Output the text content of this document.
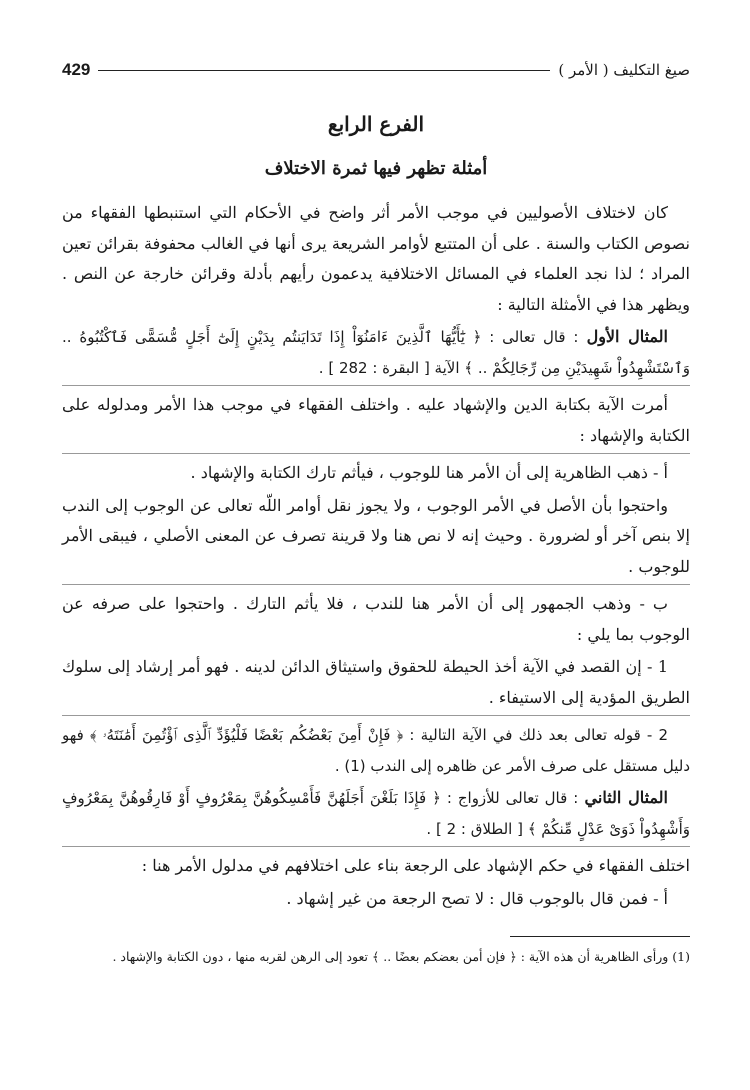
صيغ التكليف ( الأمر )
429
الفرع الرابع
أمثلة تظهر فيها ثمرة الاختلاف

كان لاختلاف الأصوليين في موجب الأمر أثر واضح في الأحكام التي استنبطها الفقهاء من نصوص الكتاب والسنة . على أن المتتبع لأوامر الشريعة يرى أنها في الغالب محفوفة بقرائن تعين المراد ؛ لذا نجد العلماء في المسائل الاختلافية يدعمون رأيهم بأدلة وقرائن خارجة عن النص . ويظهر هذا في الأمثلة التالية :

المثال الأول : قال تعالى : ﴿ يَٰٓأَيُّهَا ٱلَّذِينَ ءَامَنُوٓاْ إِذَا تَدَايَنتُم بِدَيْنٍ إِلَىٰٓ أَجَلٍ مُّسَمًّى فَٱكْتُبُوهُ .. وَٱسْتَشْهِدُواْ شَهِيدَيْنِ مِن رِّجَالِكُمْ .. ﴾ الآية [ البقرة : 282 ] .

أمرت الآية بكتابة الدين والإشهاد عليه . واختلف الفقهاء في موجب هذا الأمر ومدلوله على الكتابة والإشهاد :

أ - ذهب الظاهرية إلى أن الأمر هنا للوجوب ، فيأثم تارك الكتابة والإشهاد .

واحتجوا بأن الأصل في الأمر الوجوب ، ولا يجوز نقل أوامر اللّه تعالى عن الوجوب إلى الندب إلا بنص آخر أو لضرورة . وحيث إنه لا نص هنا ولا قرينة تصرف عن المعنى الأصلي ، فيبقى الأمر للوجوب .

ب - وذهب الجمهور إلى أن الأمر هنا للندب ، فلا يأثم التارك . واحتجوا على صرفه عن الوجوب بما يلي :

1 - إن القصد في الآية أخذ الحيطة للحقوق واستيثاق الدائن لدينه . فهو أمر إرشاد إلى سلوك الطريق المؤدية إلى الاستيفاء .

2 - قوله تعالى بعد ذلك في الآية التالية : ﴿ فَإِنْ أَمِنَ بَعْضُكُم بَعْضًا فَلْيُؤَدِّ ٱلَّذِى ٱؤْتُمِنَ أَمَٰنَتَهُۥ ﴾ فهو دليل مستقل على صرف الأمر عن ظاهره إلى الندب (1) .

المثال الثاني : قال تعالى للأزواج : ﴿ فَإِذَا بَلَغْنَ أَجَلَهُنَّ فَأَمْسِكُوهُنَّ بِمَعْرُوفٍ أَوْ فَارِقُوهُنَّ بِمَعْرُوفٍ وَأَشْهِدُواْ ذَوَىْ عَدْلٍ مِّنكُمْ ﴾ [ الطلاق : 2 ] .

اختلف الفقهاء في حكم الإشهاد على الرجعة بناء على اختلافهم في مدلول الأمر هنا :

أ - فمن قال بالوجوب قال : لا تصح الرجعة من غير إشهاد .

(1) ورأى الظاهرية أن هذه الآية : ﴿ فإن أمن بعضكم بعضًا .. ﴾ تعود إلى الرهن لقربه منها ، دون الكتابة والإشهاد .
